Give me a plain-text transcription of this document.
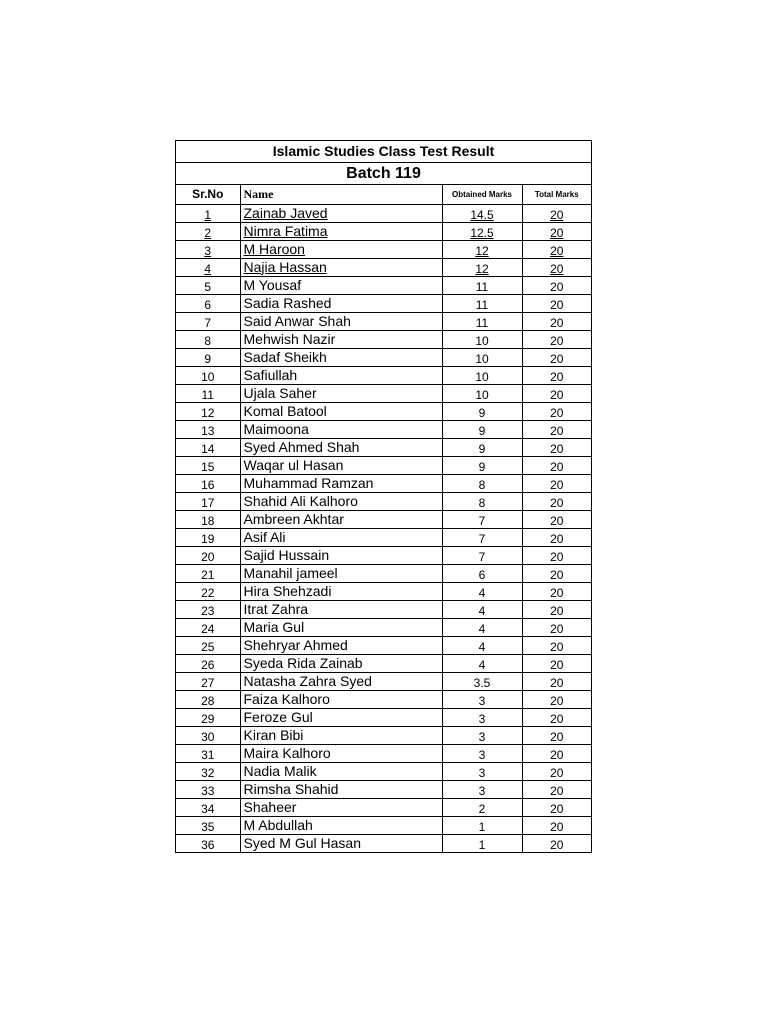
Islamic Studies Class Test Result
Batch 119
Sr.No	Name	Obtained Marks	Total Marks
1	Zainab Javed	14.5	20
2	Nimra Fatima	12.5	20
3	M Haroon	12	20
4	Najia Hassan	12	20
5	M Yousaf	11	20
6	Sadia Rashed	11	20
7	Said Anwar Shah	11	20
8	Mehwish Nazir	10	20
9	Sadaf Sheikh	10	20
10	Safiullah	10	20
11	Ujala Saher	10	20
12	Komal Batool	9	20
13	Maimoona	9	20
14	Syed Ahmed Shah	9	20
15	Waqar ul Hasan	9	20
16	Muhammad Ramzan	8	20
17	Shahid Ali Kalhoro	8	20
18	Ambreen Akhtar	7	20
19	Asif Ali	7	20
20	Sajid Hussain	7	20
21	Manahil jameel	6	20
22	Hira Shehzadi	4	20
23	Itrat Zahra	4	20
24	Maria Gul	4	20
25	Shehryar Ahmed	4	20
26	Syeda Rida Zainab	4	20
27	Natasha Zahra Syed	3.5	20
28	Faiza Kalhoro	3	20
29	Feroze Gul	3	20
30	Kiran Bibi	3	20
31	Maira Kalhoro	3	20
32	Nadia Malik	3	20
33	Rimsha Shahid	3	20
34	Shaheer	2	20
35	M Abdullah	1	20
36	Syed M Gul Hasan	1	20
